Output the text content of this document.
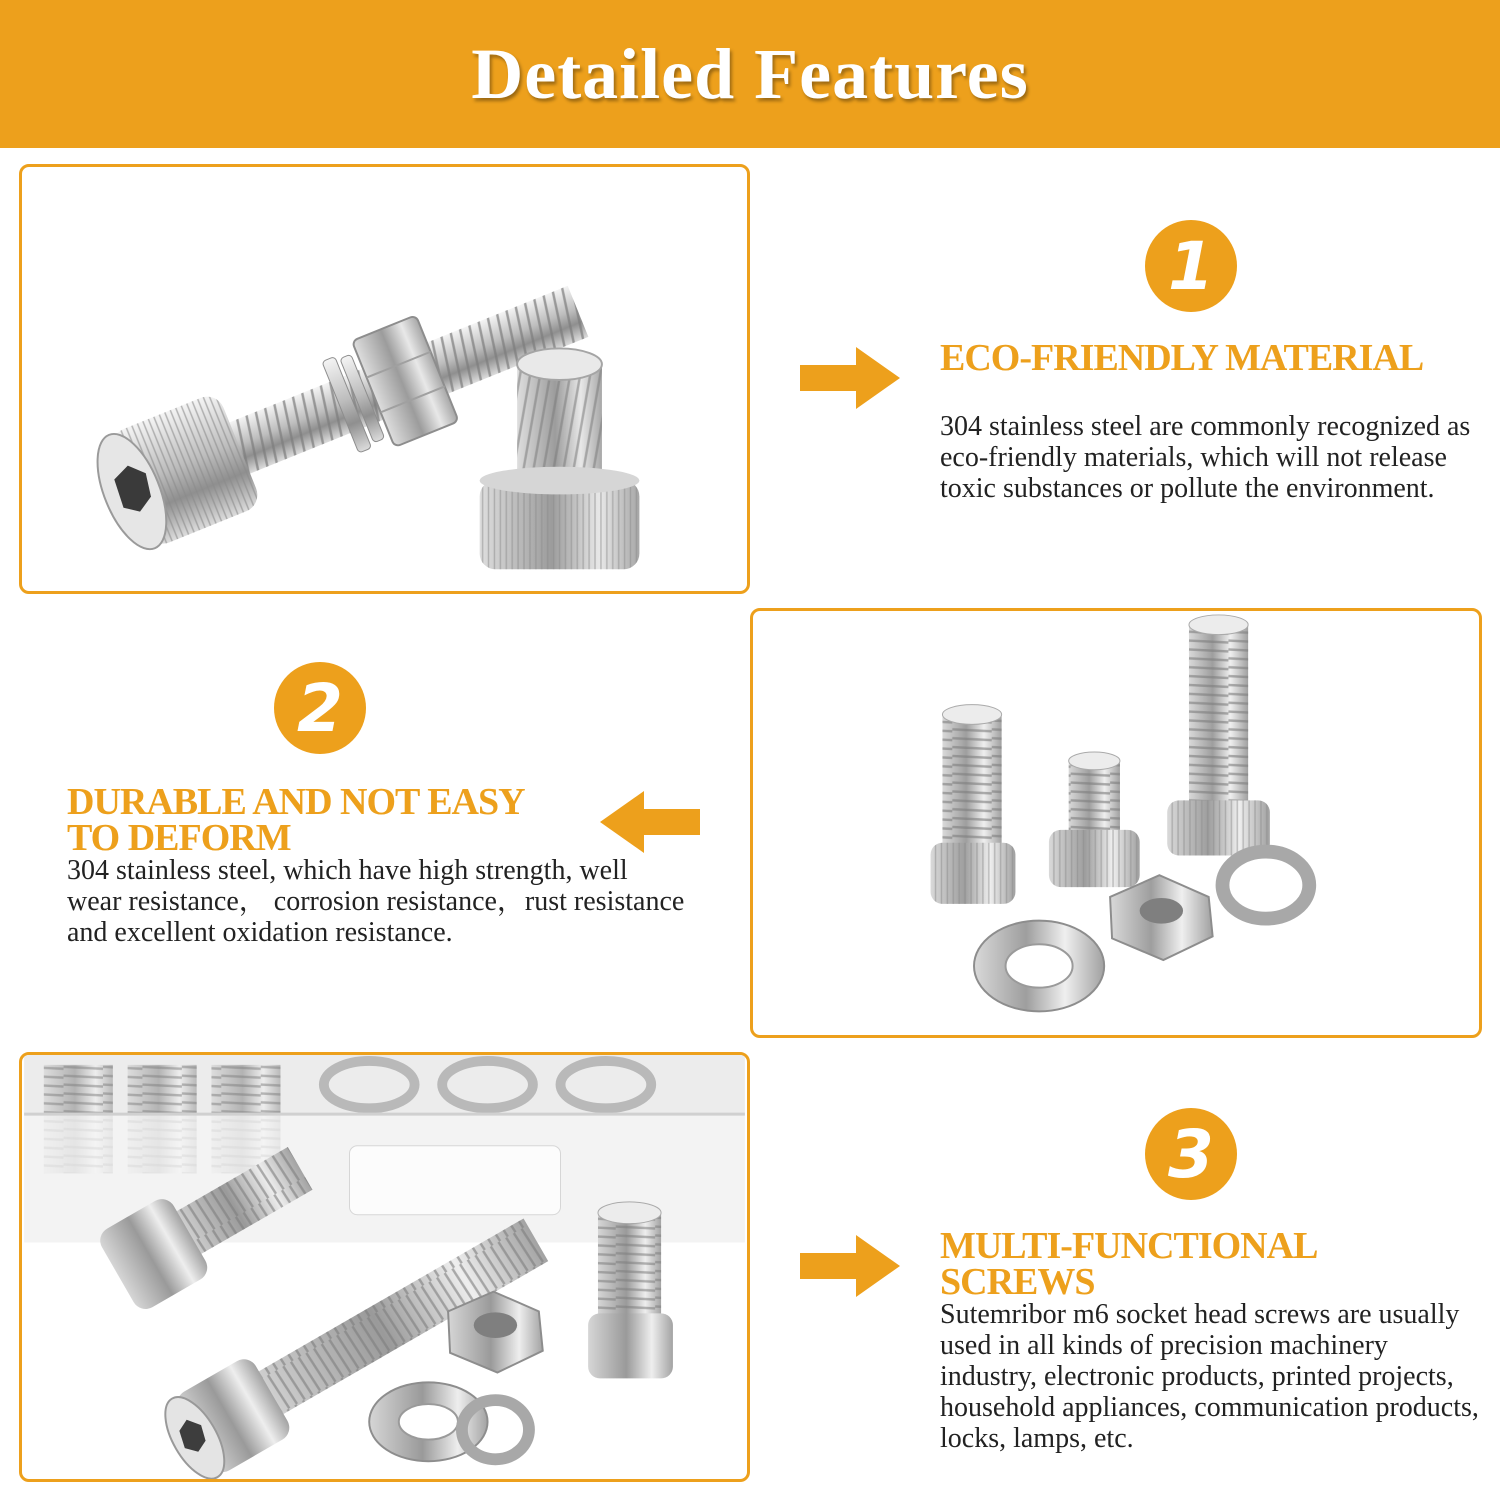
Detailed Features
1

ECO-FRIENDLY MATERIAL

304 stainless steel are commonly recognized as eco-friendly materials, which will not release toxic substances or pollute the environment.

2

DURABLE AND NOT EASY TO DEFORM

304 stainless steel, which have high strength, well wear resistance， corrosion resistance，rust resistance and excellent oxidation resistance.

3

MULTI-FUNCTIONAL SCREWS

Sutemribor m6 socket head screws are usually used in all kinds of precision machinery industry, electronic products, printed projects, household appliances, communication products, locks, lamps, etc.
